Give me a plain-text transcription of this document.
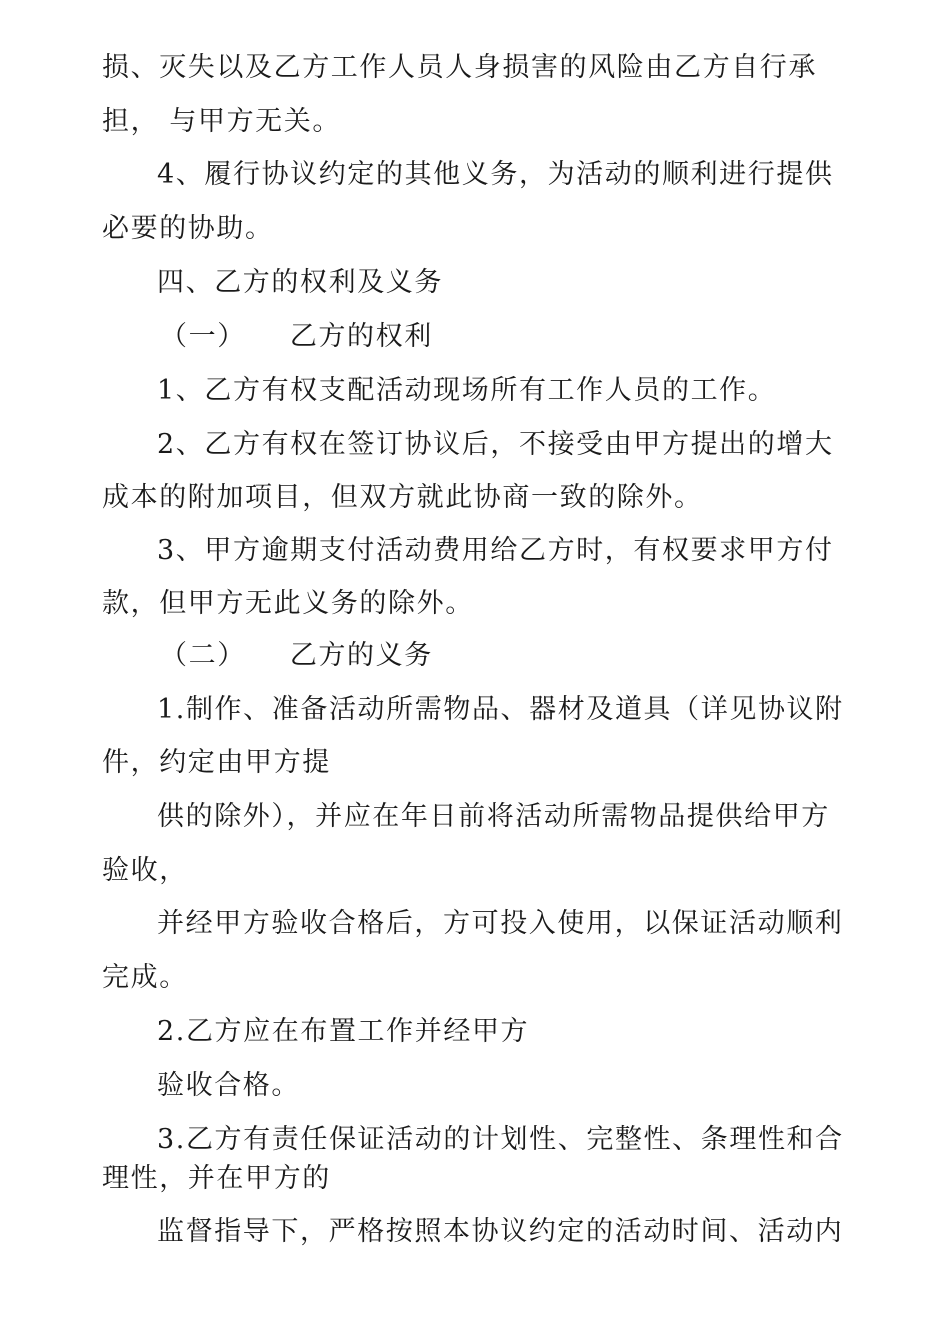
损、灭失以及乙方工作人员人身损害的风险由乙方自行承
担， 与甲方无关。
4、履行协议约定的其他义务，为活动的顺利进行提供
必要的协助。
四、乙方的权利及义务
（一） 乙方的权利
1、乙方有权支配活动现场所有工作人员的工作。
2、乙方有权在签订协议后，不接受由甲方提出的增大
成本的附加项目，但双方就此协商一致的除外。
3、甲方逾期支付活动费用给乙方时，有权要求甲方付
款，但甲方无此义务的除外。
（二） 乙方的义务
1.制作、准备活动所需物品、器材及道具（详见协议附
件，约定由甲方提
供的除外），并应在年日前将活动所需物品提供给甲方
验收，
并经甲方验收合格后，方可投入使用，以保证活动顺利
完成。
2.乙方应在布置工作并经甲方
验收合格。
3.乙方有责任保证活动的计划性、完整性、条理性和合
理性，并在甲方的
监督指导下，严格按照本协议约定的活动时间、活动内
